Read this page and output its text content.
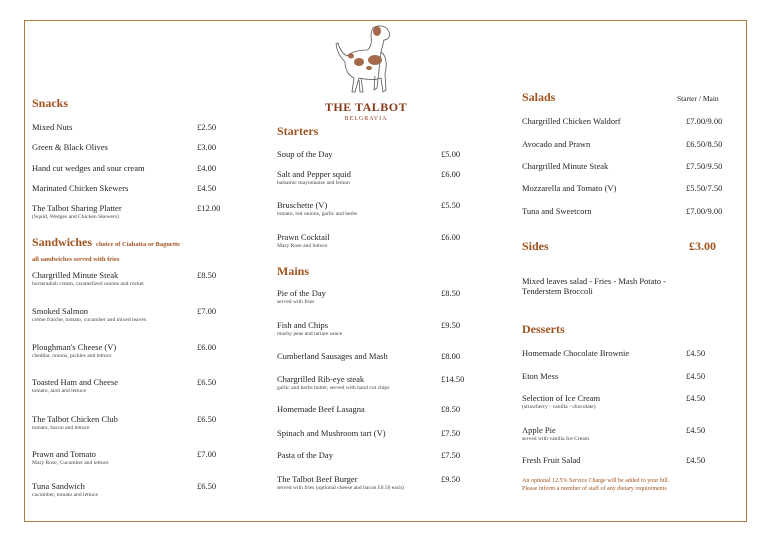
THE TALBOT
BELGRAVIA
Snacks
Mixed Nuts	£2.50
Green & Black Olives	£3.00
Hand cut wedges and sour cream	£4.00
Marinated Chicken Skewers	£4.50
The Talbot Sharing Platter
(Squid, Wedges and Chicken Skewers)
£12.00
Sandwiches choice of Ciabatta or Baguette
all sandwiches served with fries
Chargrilled Minute Steak
horseradish cream, caramelized onions and rocket
£8.50
Smoked Salmon
crème fraiche, tomato, cucumber and mixed leaves
£7.00
Ploughman's Cheese (V)
cheddar, onions, pickles and lettuce
£6.00
Toasted Ham and Cheese
tomato, aioli and lettuce
£6.50
The Talbot Chicken Club
tomato, bacon and lettuce
£6.50
Prawn and Tomato
Mary Rose, Cucumber and lettuce
£7.00
Tuna Sandwich
cucumber, tomato and lettuce
£6.50
Starters
Soup of the Day	£5.00
Salt and Pepper squid
balsamic mayonnaise and lemon
£6.00
Bruschette (V)
tomato, red onions, garlic and herbs
£5.50
Prawn Cocktail
Mary Rose and lettuce
£6.00
Mains
Pie of the Day
served with fries
£8.50
Fish and Chips
mushy peas and tartare sauce
£9.50
Cumberland Sausages and Mash	£8.00
Chargrilled Rib-eye steak
garlic and herbs butter, served with hand cut chips
£14.50
Homemade Beef Lasagna	£8.50
Spinach and Mushroom tart (V)	£7.50
Pasta of the Day	£7.50
The Talbot Beef Burger
served with fries (optional cheese and bacon £0.50 each)
£9.50
Salads	Starter / Main
Chargrilled Chicken Waldorf	£7.00/9.00
Avocado and Prawn	£6.50/8.50
Chargrilled Minute Steak	£7.50/9.50
Mozzarella and Tomato (V)	£5.50/7.50
Tuna and Sweetcorn	£7.00/9.00
Sides	£3.00
Mixed leaves salad - Fries - Mash Potato - Tenderstem Broccoli
Desserts
Homemade Chocolate Brownie	£4.50
Eton Mess	£4.50
Selection of Ice Cream
(strawberry - vanilla - chocolate)
£4.50
Apple Pie
served with vanilla Ice Cream
£4.50
Fresh Fruit Salad	£4.50
An optional 12.5% Service Charge will be added to your bill.
Please inform a member of staff of any dietary requirements
